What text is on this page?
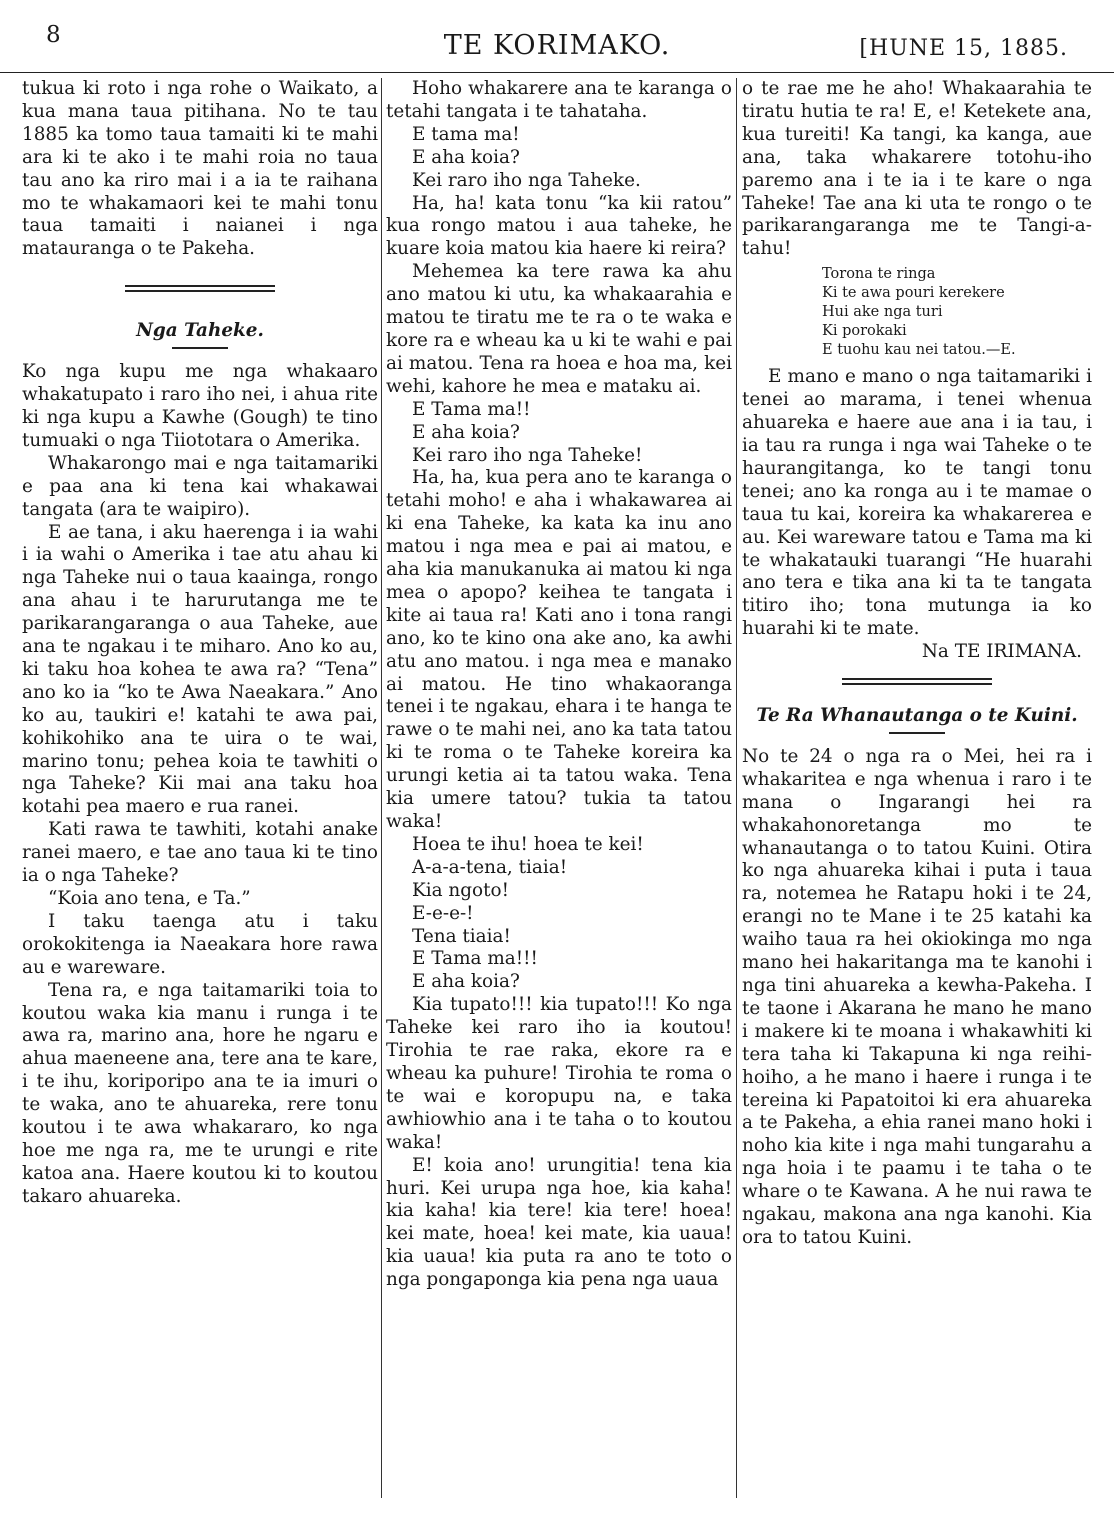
8	TE KORIMAKO.	[HUNE 15, 1885.

tukua ki roto i nga rohe o Waikato, a kua mana taua pitihana. No te tau 1885 ka tomo taua tamaiti ki te mahi ara ki te ako i te mahi roia no taua tau ano ka riro mai i a ia te raihana mo te whakamaori kei te mahi tonu taua tamaiti i naianei i nga matauranga o te Pakeha.

Nga Taheke.

Ko nga kupu me nga whakaaro whakatupato i raro iho nei, i ahua rite ki nga kupu a Kawhe (Gough) te tino tumuaki o nga Tiiototara o Amerika.

Whakarongo mai e nga taitamariki e paa ana ki tena kai whakawai tangata (ara te waipiro).

E ae tana, i aku haerenga i ia wahi i ia wahi o Amerika i tae atu ahau ki nga Taheke nui o taua kaainga, rongo ana ahau i te harurutanga me te parikarangaranga o aua Taheke, aue ana te ngakau i te miharo. Ano ko au, ki taku hoa kohea te awa ra? “Tena” ano ko ia “ko te Awa Naeakara.” Ano ko au, taukiri e! katahi te awa pai, kohikohiko ana te uira o te wai, marino tonu; pehea koia te tawhiti o nga Taheke? Kii mai ana taku hoa kotahi pea maero e rua ranei.

Kati rawa te tawhiti, kotahi anake ranei maero, e tae ano taua ki te tino ia o nga Taheke?

“Koia ano tena, e Ta.”

I taku taenga atu i taku orokokitenga ia Naeakara hore rawa au e wareware.

Tena ra, e nga taitamariki toia to koutou waka kia manu i runga i te awa ra, marino ana, hore he ngaru e ahua maeneene ana, tere ana te kare, i te ihu, koriporipo ana te ia imuri o te waka, ano te ahuareka, rere tonu koutou i te awa whakararo, ko nga hoe me nga ra, me te urungi e rite katoa ana. Haere koutou ki to koutou takaro ahuareka.

Hoho whakarere ana te karanga o tetahi tangata i te tahataha.

E tama ma!

E aha koia?

Kei raro iho nga Taheke.

Ha, ha! kata tonu “ka kii ratou” kua rongo matou i aua taheke, he kuare koia matou kia haere ki reira?

Mehemea ka tere rawa ka ahu ano matou ki utu, ka whakaarahia e matou te tiratu me te ra o te waka e kore ra e wheau ka u ki te wahi e pai ai matou. Tena ra hoea e hoa ma, kei wehi, kahore he mea e mataku ai.

E Tama ma!!

E aha koia?

Kei raro iho nga Taheke!

Ha, ha, kua pera ano te karanga o tetahi moho! e aha i whakawarea ai ki ena Taheke, ka kata ka inu ano matou i nga mea e pai ai matou, e aha kia manukanuka ai matou ki nga mea o apopo? keihea te tangata i kite ai taua ra! Kati ano i tona rangi ano, ko te kino ona ake ano, ka awhi atu ano matou. i nga mea e manako ai matou. He tino whakaoranga tenei i te ngakau, ehara i te hanga te rawe o te mahi nei, ano ka tata tatou ki te roma o te Taheke koreira ka urungi ketia ai ta tatou waka. Tena kia umere tatou? tukia ta tatou waka!

Hoea te ihu! hoea te kei!

A-a-a-tena, tiaia!

Kia ngoto!

E-e-e-!

Tena tiaia!

E Tama ma!!!

E aha koia?

Kia tupato!!! kia tupato!!! Ko nga Taheke kei raro iho ia koutou! Tirohia te rae raka, ekore ra e wheau ka puhure! Tirohia te roma o te wai e koropupu na, e taka awhiowhio ana i te taha o to koutou waka!

E! koia ano! urungitia! tena kia huri. Kei urupa nga hoe, kia kaha! kia kaha! kia tere! kia tere! hoea! kei mate, hoea! kei mate, kia uaua! kia uaua! kia puta ra ano te toto o nga pongaponga kia pena nga uaua

o te rae me he aho! Whakaarahia te tiratu hutia te ra! E, e! Ketekete ana, kua tureiti! Ka tangi, ka kanga, aue ana, taka whakarere totohu-iho paremo ana i te ia i te kare o nga Taheke! Tae ana ki uta te rongo o te parikarangaranga me te Tangi-a-tahu!

Torona te ringa
Ki te awa pouri kerekere
Hui ake nga turi
Ki porokaki
E tuohu kau nei tatou.—E.

E mano e mano o nga taitamariki i tenei ao marama, i tenei whenua ahuareka e haere aue ana i ia tau, i ia tau ra runga i nga wai Taheke o te haurangitanga, ko te tangi tonu tenei; ano ka ronga au i te mamae o taua tu kai, koreira ka whakarerea e au. Kei wareware tatou e Tama ma ki te whakatauki tuarangi “He huarahi ano tera e tika ana ki ta te tangata titiro iho; tona mutunga ia ko huarahi ki te mate.

Na TE IRIMANA.

Te Ra Whanautanga o te Kuini.

No te 24 o nga ra o Mei, hei ra i whakaritea e nga whenua i raro i te mana o Ingarangi hei ra whakahonoretanga mo te whanautanga o to tatou Kuini. Otira ko nga ahuareka kihai i puta i taua ra, notemea he Ratapu hoki i te 24, erangi no te Mane i te 25 katahi ka waiho taua ra hei okiokinga mo nga mano hei hakaritanga ma te kanohi i nga tini ahuareka a kewha-Pakeha. I te taone i Akarana he mano he mano i makere ki te moana i whakawhiti ki tera taha ki Takapuna ki nga reihi-hoiho, a he mano i haere i runga i te tereina ki Papatoitoi ki era ahuareka a te Pakeha, a ehia ranei mano hoki i noho kia kite i nga mahi tungarahu a nga hoia i te paamu i te taha o te whare o te Kawana. A he nui rawa te ngakau, makona ana nga kanohi. Kia ora to tatou Kuini.
